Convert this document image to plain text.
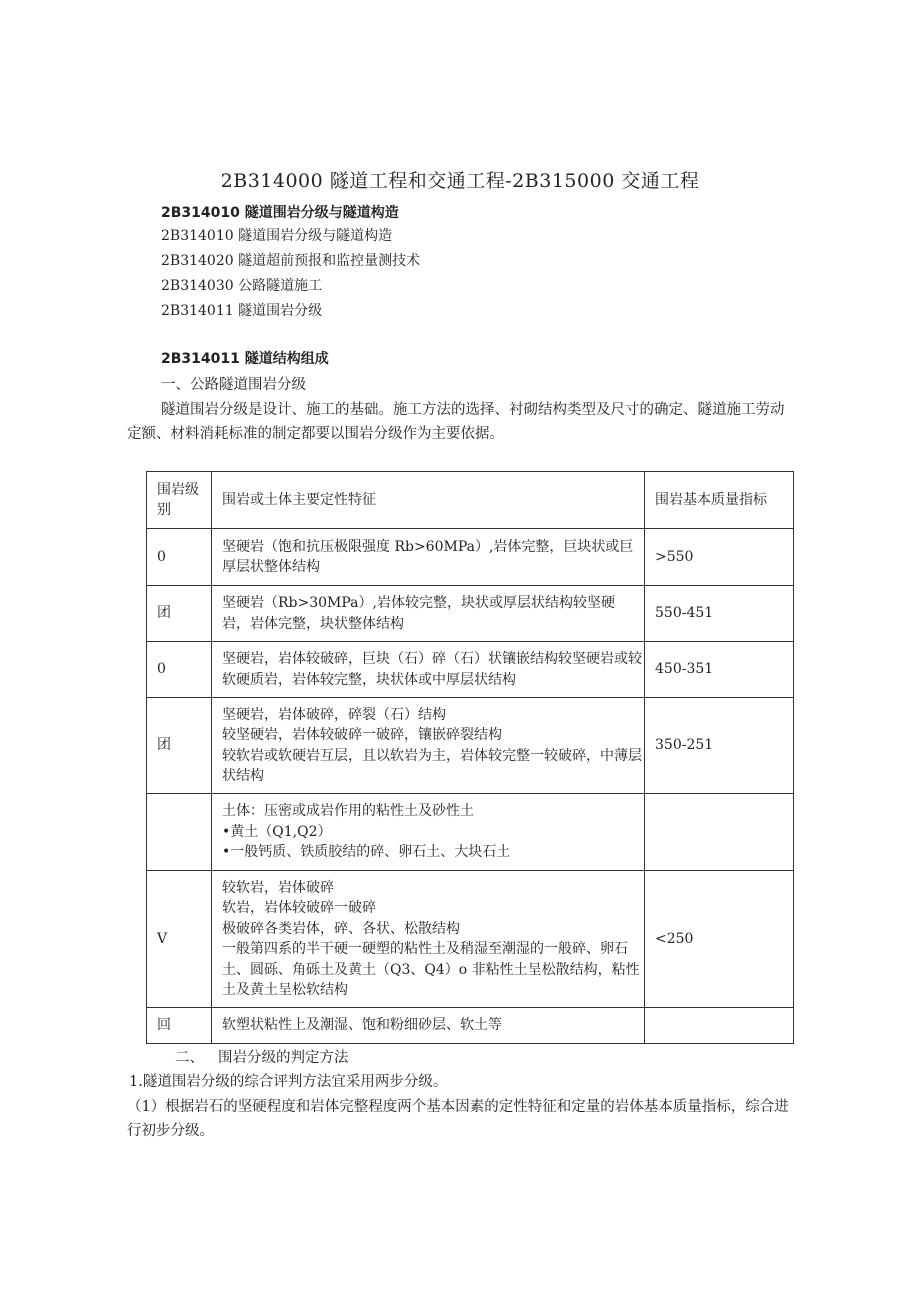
2B314000 隧道工程和交通工程-2B315000 交通工程
2B314010 隧道围岩分级与隧道构造
2B314010 隧道围岩分级与隧道构造
2B314020 隧道超前预报和监控量测技术
2B314030 公路隧道施工
2B314011 隧道围岩分级
2B314011 隧道结构组成
一、公路隧道围岩分级
隧道围岩分级是设计、施工的基础。施工方法的选择、衬砌结构类型及尺寸的确定、隧道施工劳动定额、材料消耗标准的制定都要以围岩分级作为主要依据。
围岩级别	围岩或土体主要定性特征	围岩基本质量指标

0	坚硬岩（饱和抗压极限强度 Rb>60MPa）,岩体完整，巨块状或巨厚层状整体结构	>550
团	坚硬岩（Rb>30MPa）,岩体较完整，块状或厚层状结构较坚硬岩，岩体完整，块状整体结构	550-451
0	坚硬岩，岩体较破碎，巨块（石）碎（石）状镶嵌结构较坚硬岩或较软硬质岩，岩体较完整，块状体或中厚层状结构	450-351
团	坚硬岩，岩体破碎，碎裂（石）结构
较坚硬岩，岩体较破碎一破碎，镶嵌碎裂结构
较软岩或软硬岩互层，且以软岩为主，岩体较完整一较破碎，中薄层状结构	350-251

	土体：压密或成岩作用的粘性土及砂性土
•黄土（Q1,Q2）
•一般钙质、铁质胶结的碎、卵石土、大块石土	

V	较软岩，岩体破碎
软岩，岩体较破碎一破碎
极破碎各类岩体，碎、各状、松散结构
一般第四系的半干硬一硬塑的粘性土及稍湿至潮湿的一般碎、卵石土、圆砾、角砾土及黄土（Q3、Q4）o 非粘性土呈松散结构，粘性土及黄土呈松软结构	<250
回	软塑状粘性上及潮湿、饱和粉细砂层、软土等	

二、 围岩分级的判定方法
1.隧道围岩分级的综合评判方法宜采用两步分级。
（1）根据岩石的坚硬程度和岩体完整程度两个基本因素的定性特征和定量的岩体基本质量指标，综合进行初步分级。
